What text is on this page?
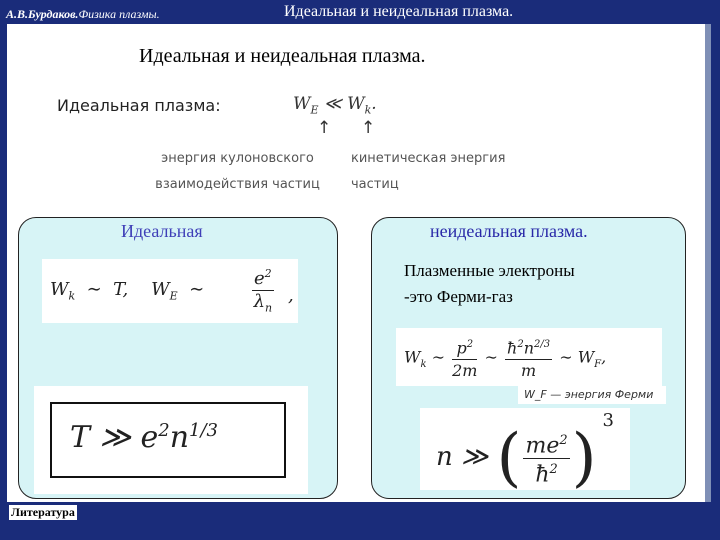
А.В.Бурдаков.Физика плазмы.	Идеальная и неидеальная плазма.
Идеальная и неидеальная плазма.
Идеальная плазма:	$W_E$ ≪ $W_k$.
↑ ↑
энергия кулоновского
взаимодействия частиц
кинетическая энергия
частиц
Идеальная
$W_k$  ∼  T,    $W_E$  ∼	$\frac{e^2}{\lambda_n}$ ,
T ≫ $e^2n^{1/3}$
неидеальная плазма.
Плазменные электроны
-это Ферми-газ
$W_k$ ∼ $\frac{p^2}{2m}$ ∼ $\frac{ħ^2n^{2/3}}{m}$ ∼ $W_F$,
W_F — энергия Ферми
n ≫ ( $\frac{me^2}{ħ^2}$ )
3
Литература
